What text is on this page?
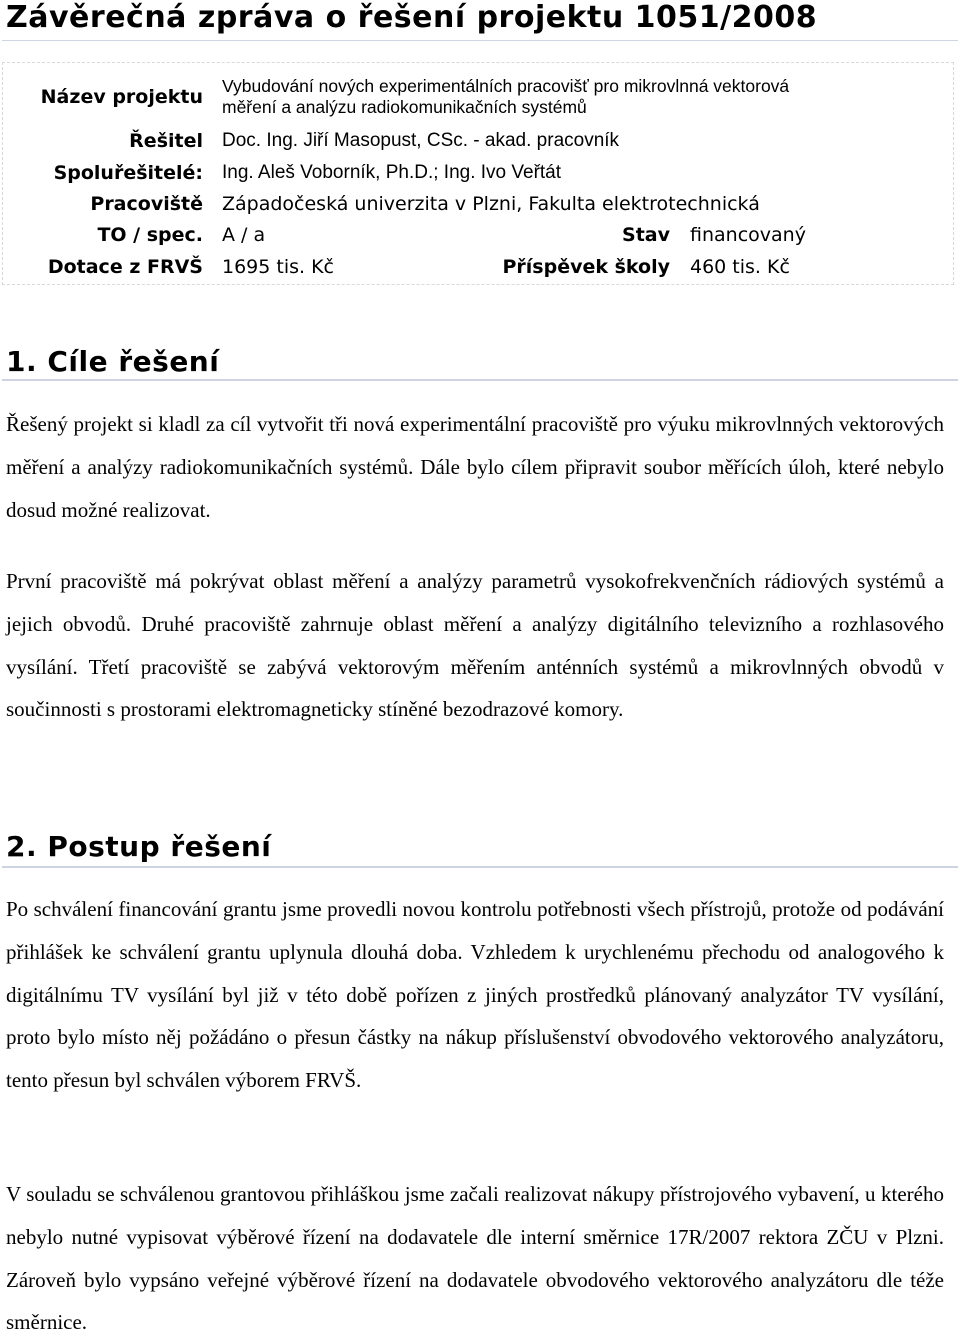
Závěrečná zpráva o řešení projektu 1051/2008
Název projektu Vybudování nových experimentálních pracovišť pro mikrovlnná vektorová
měření a analýzu radiokomunikačních systémů
Řešitel Doc. Ing. Jiří Masopust, CSc. - akad. pracovník
Spoluřešitelé: Ing. Aleš Voborník, Ph.D.; Ing. Ivo Veřtát
Pracoviště Západočeská univerzita v Plzni, Fakulta elektrotechnická
TO / spec. A / a	Stav financovaný
Dotace z FRVŠ 1695 tis. Kč	Příspěvek školy 460 tis. Kč
1. Cíle řešení

Řešený projekt si kladl za cíl vytvořit tři nová experimentální pracoviště pro výuku mikrovlnných vektorových měření a analýzy radiokomunikačních systémů. Dále bylo cílem připravit soubor měřících úloh, které nebylo dosud možné realizovat.

První pracoviště má pokrývat oblast měření a analýzy parametrů vysokofrekvenčních rádiových systémů a jejich obvodů. Druhé pracoviště zahrnuje oblast měření a analýzy digitálního televizního a rozhlasového vysílání. Třetí pracoviště se zabývá vektorovým měřením anténních systémů a mikrovlnných obvodů v součinnosti s prostorami elektromagneticky stíněné bezodrazové komory.

2. Postup řešení

Po schválení financování grantu jsme provedli novou kontrolu potřebnosti všech přístrojů, protože od podávání přihlášek ke schválení grantu uplynula dlouhá doba. Vzhledem k urychlenému přechodu od analogového k digitálnímu TV vysílání byl již v této době pořízen z jiných prostředků plánovaný analyzátor TV vysílání, proto bylo místo něj požádáno o přesun částky na nákup příslušenství obvodového vektorového analyzátoru, tento přesun byl schválen výborem FRVŠ.

V souladu se schválenou grantovou přihláškou jsme začali realizovat nákupy přístrojového vybavení, u kterého nebylo nutné vypisovat výběrové řízení na dodavatele dle interní směrnice 17R/2007 rektora ZČU v Plzni. Zároveň bylo vypsáno veřejné výběrové řízení na dodavatele obvodového vektorového analyzátoru dle téže směrnice.
